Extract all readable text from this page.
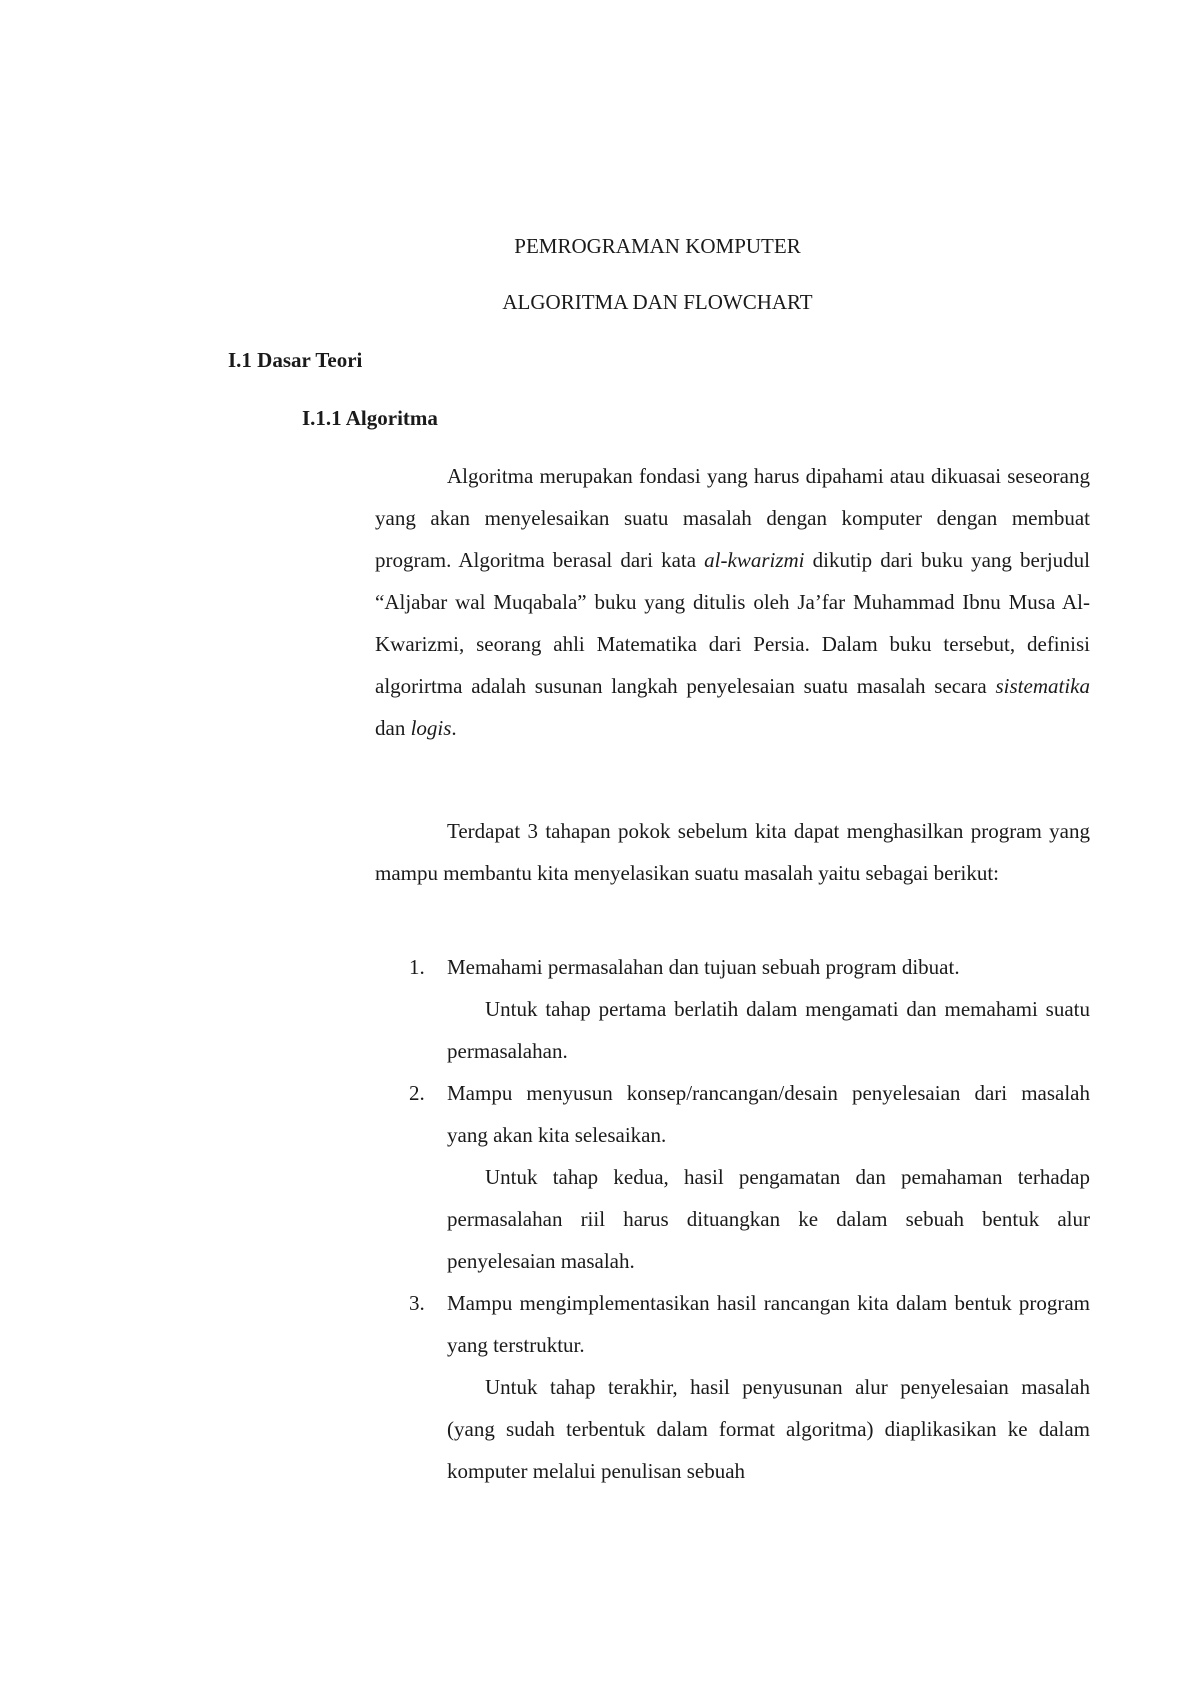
PEMROGRAMAN KOMPUTER
ALGORITMA DAN FLOWCHART
I.1 Dasar Teori
I.1.1 Algoritma

Algoritma merupakan fondasi yang harus dipahami atau dikuasai seseorang yang akan menyelesaikan suatu masalah dengan komputer dengan membuat program. Algoritma berasal dari kata al-kwarizmi dikutip dari buku yang berjudul “Aljabar wal Muqabala” buku yang ditulis oleh Ja’far Muhammad Ibnu Musa Al-Kwarizmi, seorang ahli Matematika dari Persia. Dalam buku tersebut, definisi algorirtma adalah susunan langkah penyelesaian suatu masalah secara sistematika dan logis.

Terdapat 3 tahapan pokok sebelum kita dapat menghasilkan program yang mampu membantu kita menyelasikan suatu masalah yaitu sebagai berikut:

1. Memahami permasalahan dan tujuan sebuah program dibuat.

Untuk tahap pertama berlatih dalam mengamati dan memahami suatu permasalahan.

2. Mampu menyusun konsep/rancangan/desain penyelesaian dari masalah yang akan kita selesaikan.

Untuk tahap kedua, hasil pengamatan dan pemahaman terhadap permasalahan riil harus dituangkan ke dalam sebuah bentuk alur penyelesaian masalah.

3. Mampu mengimplementasikan hasil rancangan kita dalam bentuk program yang terstruktur.

Untuk tahap terakhir, hasil penyusunan alur penyelesaian masalah (yang sudah terbentuk dalam format algoritma) diaplikasikan ke dalam komputer melalui penulisan sebuah
